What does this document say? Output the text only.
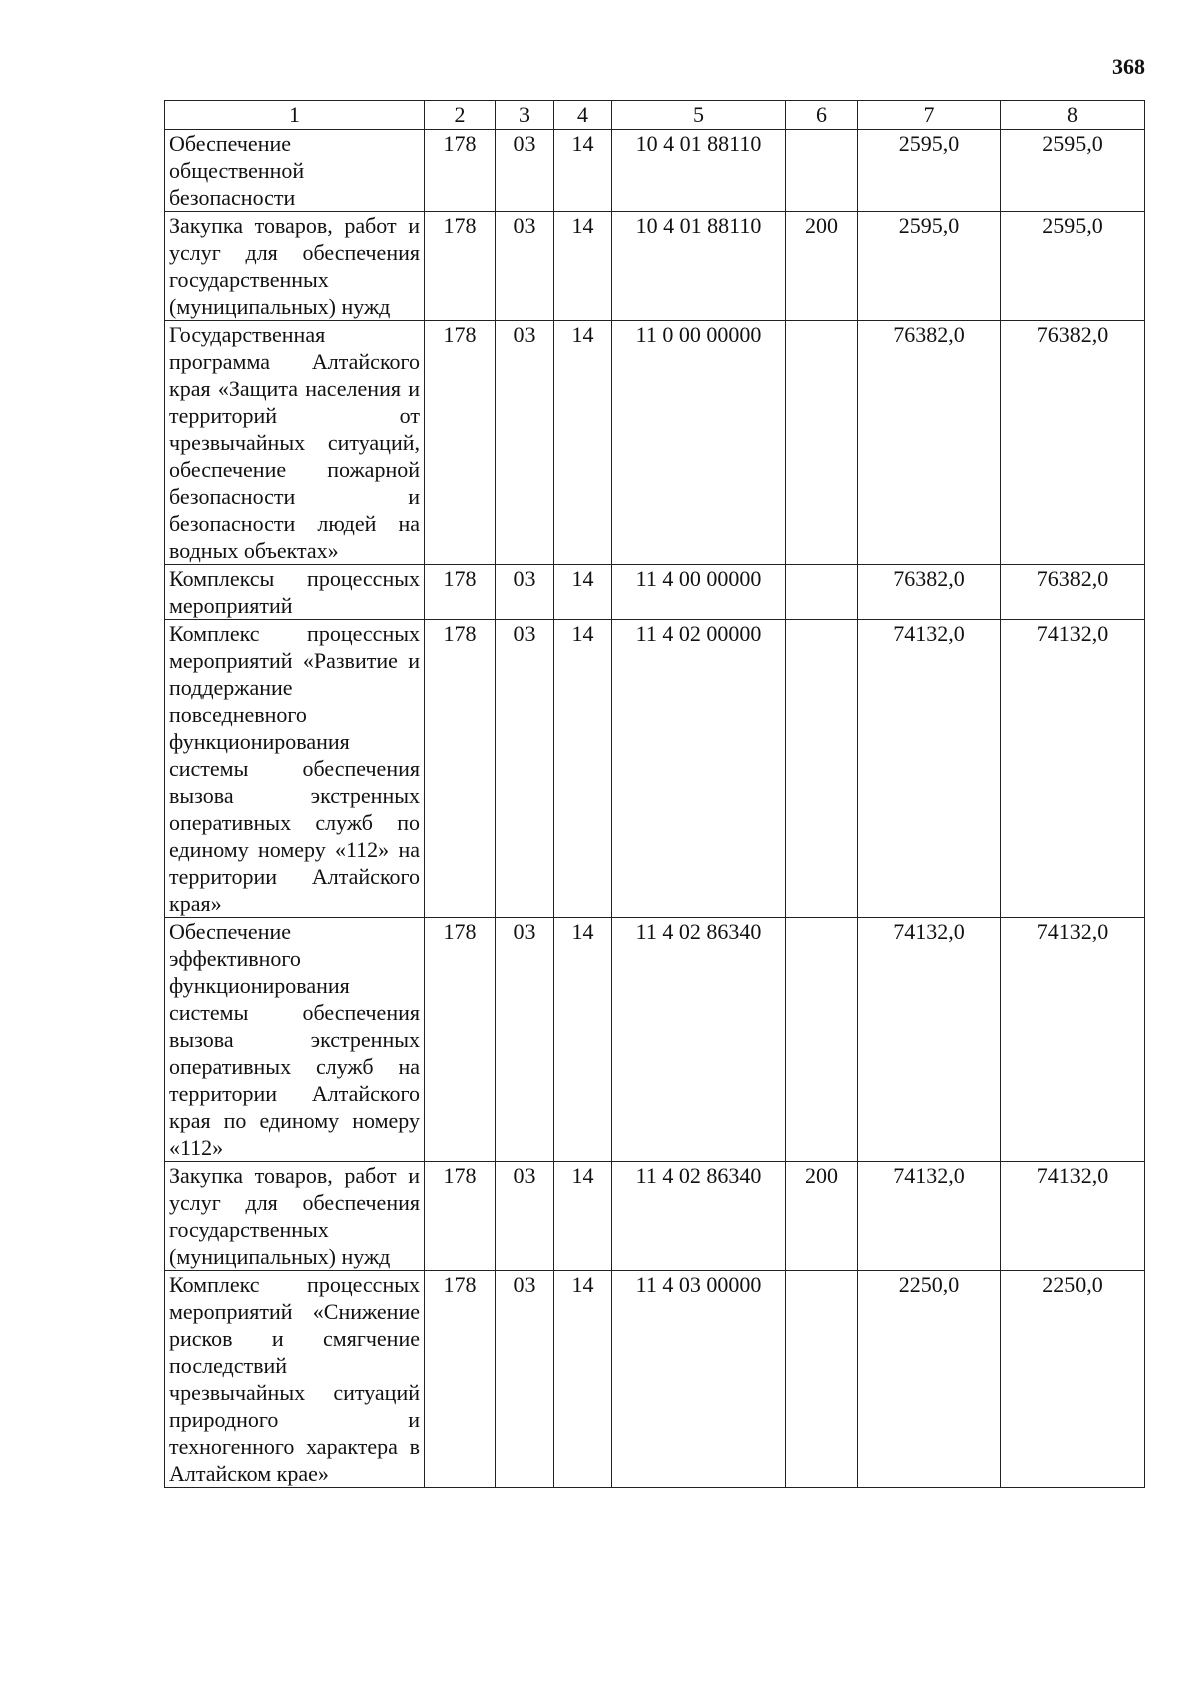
368
1	2	3	4	5	6	7	8
Обеспечение общественной безопасности	178	03	14	10 4 01 88110		2595,0	2595,0
Закупка товаров, работ и услуг для обеспечения государственных (муниципальных) нужд	178	03	14	10 4 01 88110	200	2595,0	2595,0
Государственная программа Алтайского края «Защита населения и территорий от чрезвычайных ситуаций, обеспечение пожарной безопасности и безопасности людей на водных объектах»	178	03	14	11 0 00 00000		76382,0	76382,0
Комплексы процессных мероприятий	178	03	14	11 4 00 00000		76382,0	76382,0
Комплекс процессных мероприятий «Развитие и поддержание повседневного функционирования системы обеспечения вызова экстренных оперативных служб по единому номеру «112» на территории Алтайского края»	178	03	14	11 4 02 00000		74132,0	74132,0
Обеспечение эффективного функционирования системы обеспечения вызова экстренных оперативных служб на территории Алтайского края по единому номеру «112»	178	03	14	11 4 02 86340		74132,0	74132,0
Закупка товаров, работ и услуг для обеспечения государственных (муниципальных) нужд	178	03	14	11 4 02 86340	200	74132,0	74132,0
Комплекс процессных мероприятий «Снижение рисков и смягчение последствий чрезвычайных ситуаций природного и техногенного характера в Алтайском крае»	178	03	14	11 4 03 00000		2250,0	2250,0
